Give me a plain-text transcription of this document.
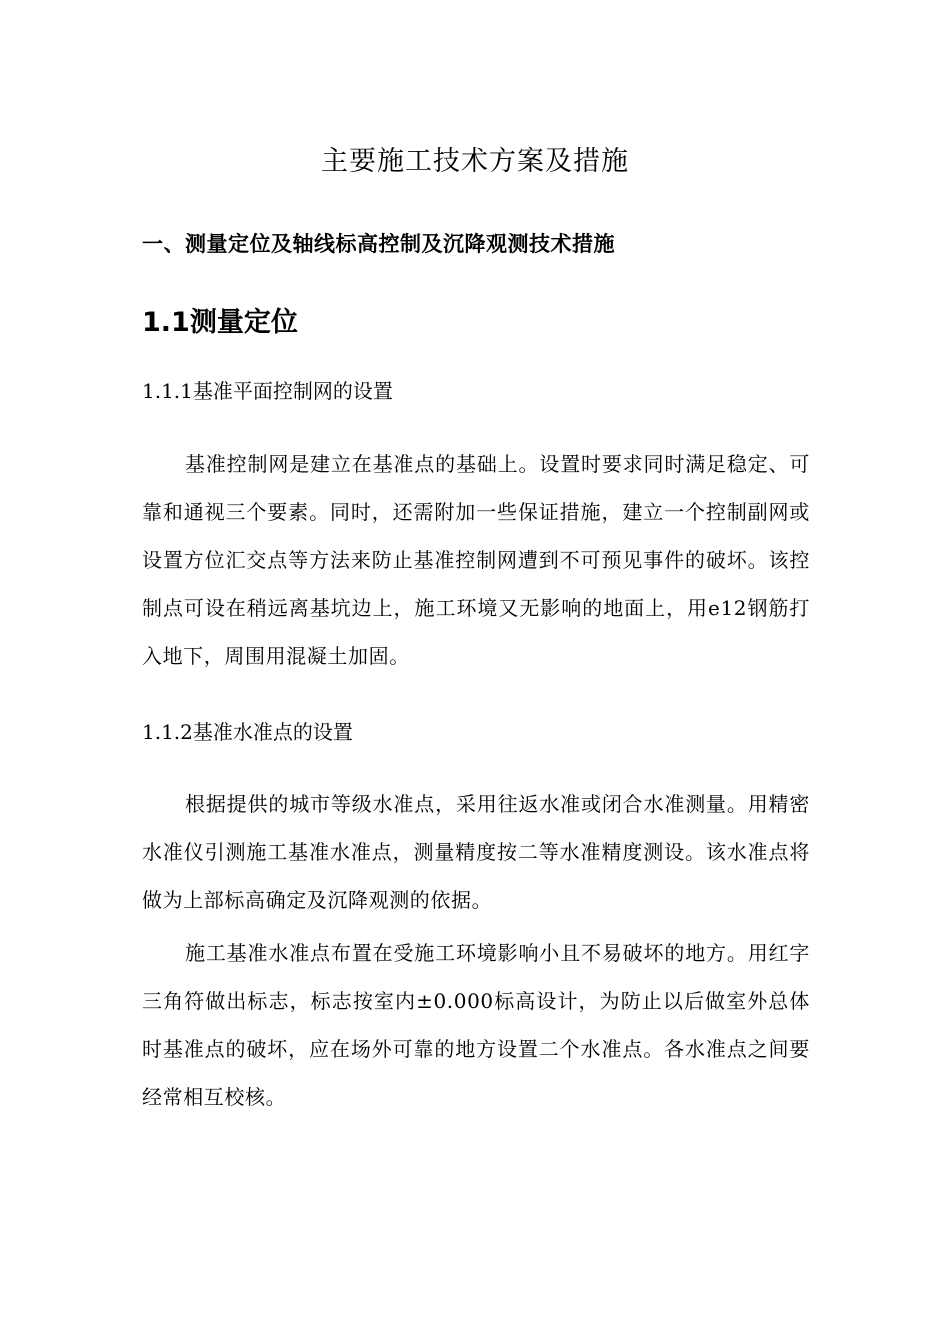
主要施工技术方案及措施
一、测量定位及轴线标高控制及沉降观测技术措施
1.1测量定位
1.1.1基准平面控制网的设置
基准控制网是建立在基准点的基础上。设置时要求同时满足稳定、可靠和通视三个要素。同时，还需附加一些保证措施，建立一个控制副网或设置方位汇交点等方法来防止基准控制网遭到不可预见事件的破坏。该控制点可设在稍远离基坑边上，施工环境又无影响的地面上，用e12钢筋打入地下，周围用混凝土加固。
1.1.2基准水准点的设置
根据提供的城市等级水准点，采用往返水准或闭合水准测量。用精密水准仪引测施工基准水准点，测量精度按二等水准精度测设。该水准点将做为上部标高确定及沉降观测的依据。
施工基准水准点布置在受施工环境影响小且不易破坏的地方。用红字三角符做出标志，标志按室内±0.000标高设计，为防止以后做室外总体时基准点的破坏，应在场外可靠的地方设置二个水准点。各水准点之间要经常相互校核。
